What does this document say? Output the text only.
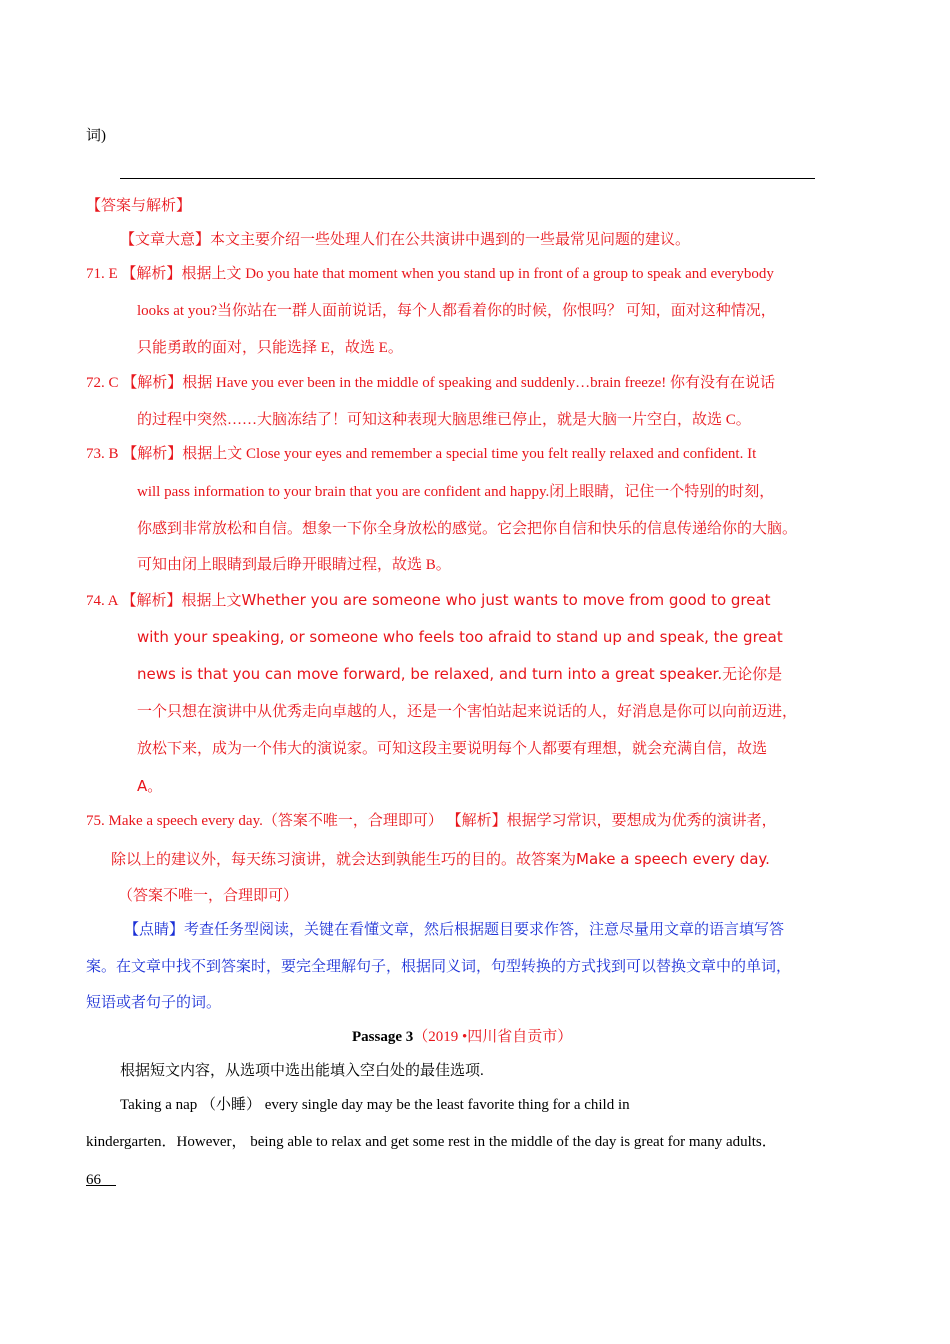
词)
【答案与解析】
【文章大意】本文主要介绍一些处理人们在公共演讲中遇到的一些最常见问题的建议。
71. E 【解析】根据上文 Do you hate that moment when you stand up in front of a group to speak and everybody
looks at you?当你站在一群人面前说话，每个人都看着你的时候，你恨吗？ 可知，面对这种情况，
只能勇敢的面对，只能选择 E，故选 E。
72. C 【解析】根据 Have you ever been in the middle of speaking and suddenly…brain freeze! 你有没有在说话
的过程中突然……大脑冻结了！可知这种表现大脑思维已停止，就是大脑一片空白，故选 C。
73. B 【解析】根据上文 Close your eyes and remember a special time you felt really relaxed and confident. It
will pass information to your brain that you are confident and happy.闭上眼睛，记住一个特别的时刻，
你感到非常放松和自信。想象一下你全身放松的感觉。它会把你自信和快乐的信息传递给你的大脑。
可知由闭上眼睛到最后睁开眼睛过程，故选 B。
74. A 【解析】根据上文Whether you are someone who just wants to move from good to great
with your speaking, or someone who feels too afraid to stand up and speak, the great
news is that you can move forward, be relaxed, and turn into a great speaker.无论你是
一个只想在演讲中从优秀走向卓越的人，还是一个害怕站起来说话的人，好消息是你可以向前迈进，
放松下来，成为一个伟大的演说家。可知这段主要说明每个人都要有理想，就会充满自信，故选
A。
75. Make a speech every day.（答案不唯一，合理即可） 【解析】根据学习常识，要想成为优秀的演讲者，
除以上的建议外，每天练习演讲，就会达到孰能生巧的目的。故答案为Make a speech every day.
（答案不唯一，合理即可）
【点睛】考查任务型阅读，关键在看懂文章，然后根据题目要求作答，注意尽量用文章的语言填写答
案。在文章中找不到答案时，要完全理解句子，根据同义词，句型转换的方式找到可以替换文章中的单词，
短语或者句子的词。
Passage 3（2019 •四川省自贡市）
根据短文内容，从选项中选出能填入空白处的最佳选项.
Taking a nap （小睡） every single day may be the least favorite thing for a child in
kindergarten．However， being able to relax and get some rest in the middle of the day is great for many adults．
66
